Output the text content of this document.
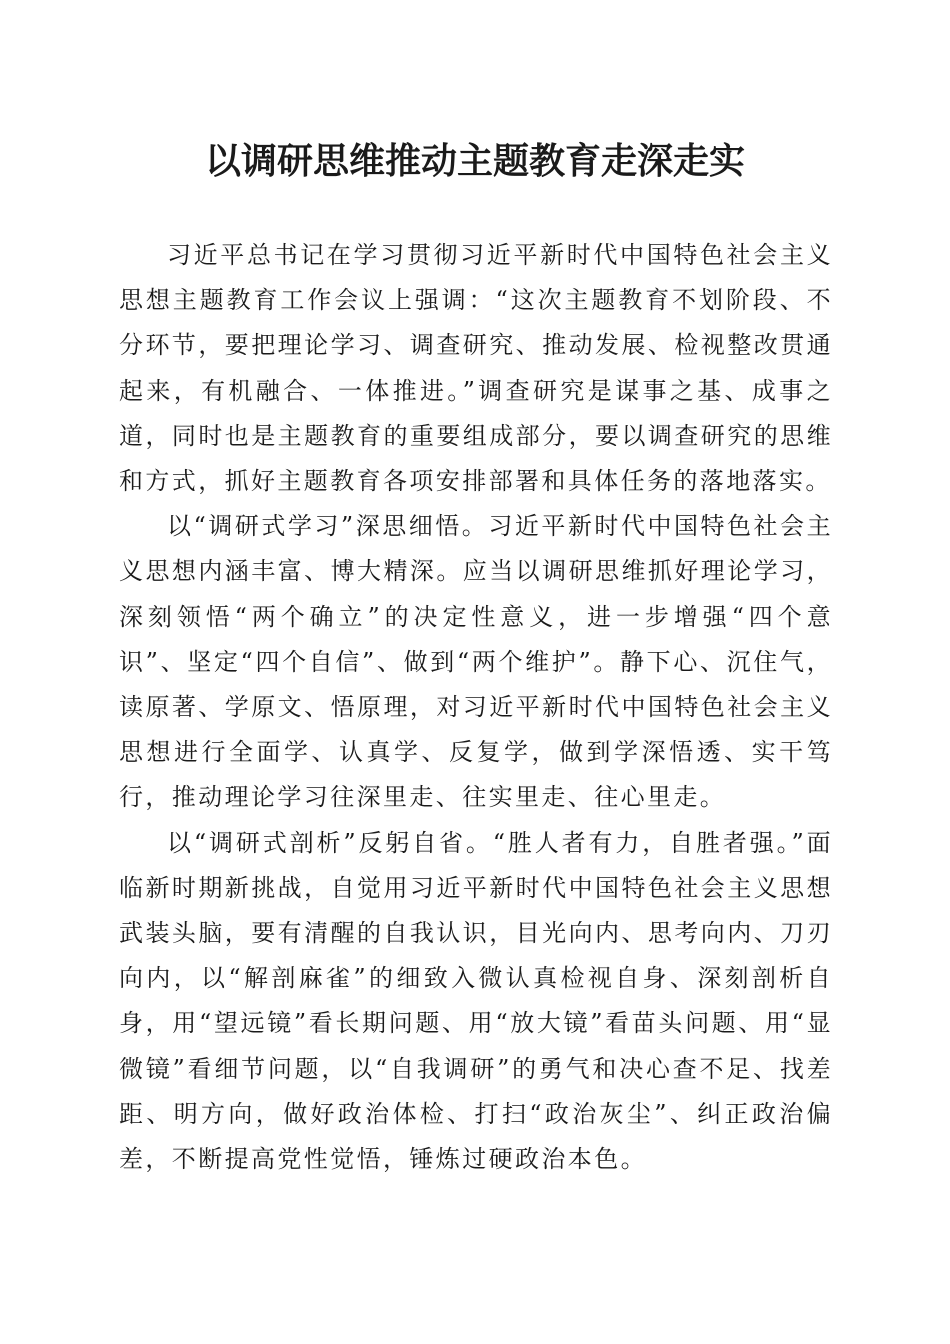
以调研思维推动主题教育走深走实

习近平总书记在学习贯彻习近平新时代中国特色社会主义思想主题教育工作会议上强调：“这次主题教育不划阶段、不分环节，要把理论学习、调查研究、推动发展、检视整改贯通起来，有机融合、一体推进。”调查研究是谋事之基、成事之道，同时也是主题教育的重要组成部分，要以调查研究的思维和方式，抓好主题教育各项安排部署和具体任务的落地落实。

以“调研式学习”深思细悟。习近平新时代中国特色社会主义思想内涵丰富、博大精深。应当以调研思维抓好理论学习，深刻领悟“两个确立”的决定性意义，进一步增强“四个意识”、坚定“四个自信”、做到“两个维护”。静下心、沉住气，读原著、学原文、悟原理，对习近平新时代中国特色社会主义思想进行全面学、认真学、反复学，做到学深悟透、实干笃行，推动理论学习往深里走、往实里走、往心里走。

以“调研式剖析”反躬自省。“胜人者有力，自胜者强。”面临新时期新挑战，自觉用习近平新时代中国特色社会主义思想武装头脑，要有清醒的自我认识，目光向内、思考向内、刀刃向内，以“解剖麻雀”的细致入微认真检视自身、深刻剖析自身，用“望远镜”看长期问题、用“放大镜”看苗头问题、用“显微镜”看细节问题，以“自我调研”的勇气和决心查不足、找差距、明方向，做好政治体检、打扫“政治灰尘”、纠正政治偏差，不断提高党性觉悟，锤炼过硬政治本色。
